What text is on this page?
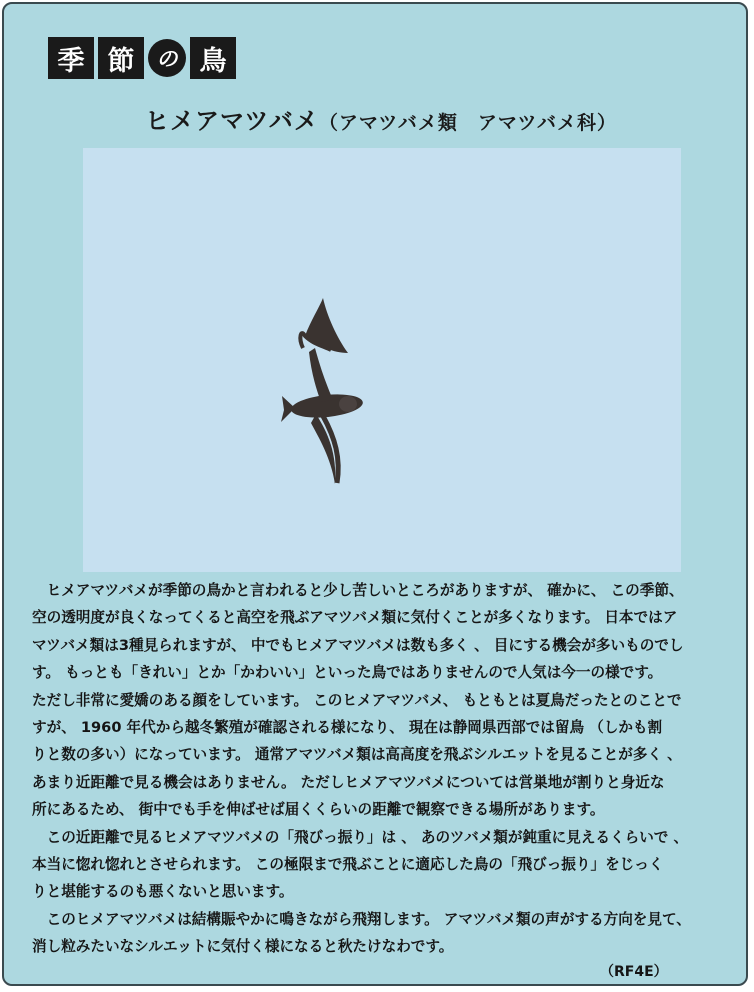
季 節	の 鳥
ヒメアマツバメ（アマツバメ類　アマツバメ科）
　ヒメアマツバメが季節の鳥かと言われると少し苦しいところがありますが、 確かに、 この季節、
空の透明度が良くなってくると高空を飛ぶアマツバメ類に気付くことが多くなります。 日本ではア
マツバメ類は3種見られますが、 中でもヒメアマツバメは数も多く 、 目にする機会が多いものでし
す。 もっとも「きれい」とか「かわいい」といった鳥ではありませんので人気は今一の様です。
ただし非常に愛嬌のある顔をしています。 このヒメアマツバメ、 もともとは夏鳥だったとのことで
すが、 1960 年代から越冬繁殖が確認される様になり、 現在は静岡県西部では留鳥 （しかも割
りと数の多い）になっています。 通常アマツバメ類は高高度を飛ぶシルエットを見ることが多く 、
あまり近距離で見る機会はありません。 ただしヒメアマツバメについては営巣地が割りと身近な
所にあるため、 街中でも手を伸ばせば届くくらいの距離で観察できる場所があります。
　この近距離で見るヒメアマツバメの「飛びっ振り」は 、 あのツバメ類が鈍重に見えるくらいで 、
本当に惚れ惚れとさせられます。 この極限まで飛ぶことに適応した鳥の「飛びっ振り」をじっく
りと堪能するのも悪くないと思います。
　このヒメアマツバメは結構賑やかに鳴きながら飛翔します。 アマツバメ類の声がする方向を見て、
消し粒みたいなシルエットに気付く様になると秋たけなわです。
（RF4E）
